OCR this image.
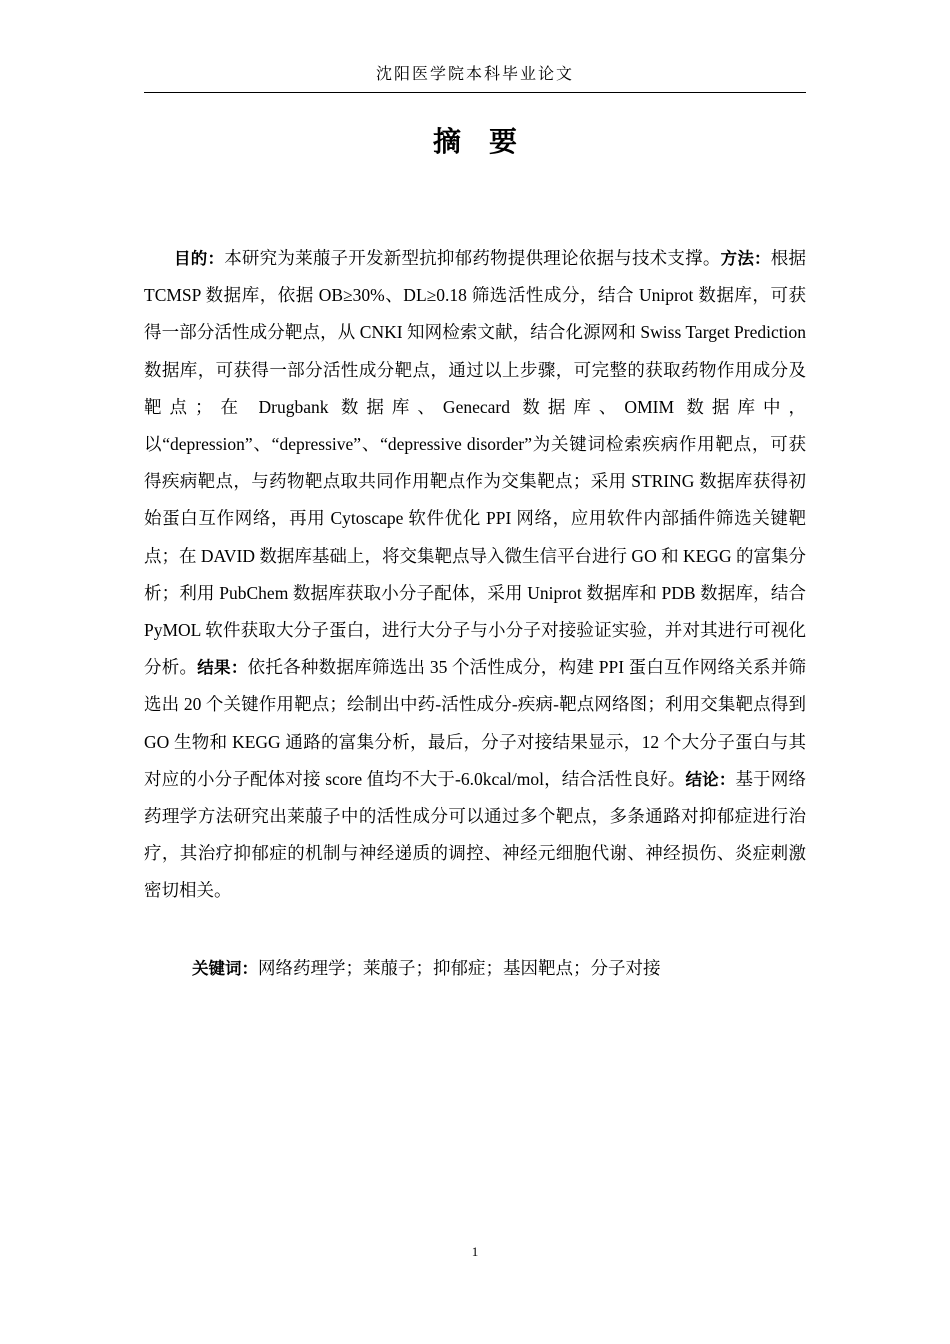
沈阳医学院本科毕业论文
摘要

目的：本研究为莱菔子开发新型抗抑郁药物提供理论依据与技术支撑。方法：根据 TCMSP 数据库，依据 OB≥30%、DL≥0.18 筛选活性成分，结合 Uniprot 数据库，可获得一部分活性成分靶点，从 CNKI 知网检索文献，结合化源网和 Swiss Target Prediction 数据库，可获得一部分活性成分靶点，通过以上步骤，可完整的获取药物作用成分及靶点；在 Drugbank 数据库、Genecard 数据库、OMIM 数据库中，以“depression”、“depressive”、“depressive disorder”为关键词检索疾病作用靶点，可获得疾病靶点，与药物靶点取共同作用靶点作为交集靶点；采用 STRING 数据库获得初始蛋白互作网络，再用 Cytoscape 软件优化 PPI 网络，应用软件内部插件筛选关键靶点；在 DAVID 数据库基础上，将交集靶点导入微生信平台进行 GO 和 KEGG 的富集分析；利用 PubChem 数据库获取小分子配体，采用 Uniprot 数据库和 PDB 数据库，结合 PyMOL 软件获取大分子蛋白，进行大分子与小分子对接验证实验，并对其进行可视化分析。结果：依托各种数据库筛选出 35 个活性成分，构建 PPI 蛋白互作网络关系并筛选出 20 个关键作用靶点；绘制出中药-活性成分-疾病-靶点网络图；利用交集靶点得到 GO 生物和 KEGG 通路的富集分析，最后，分子对接结果显示，12 个大分子蛋白与其对应的小分子配体对接 score 值均不大于-6.0kcal/mol，结合活性良好。结论：基于网络药理学方法研究出莱菔子中的活性成分可以通过多个靶点，多条通路对抑郁症进行治疗，其治疗抑郁症的机制与神经递质的调控、神经元细胞代谢、神经损伤、炎症刺激密切相关。

关键词：网络药理学；莱菔子；抑郁症；基因靶点；分子对接
1
